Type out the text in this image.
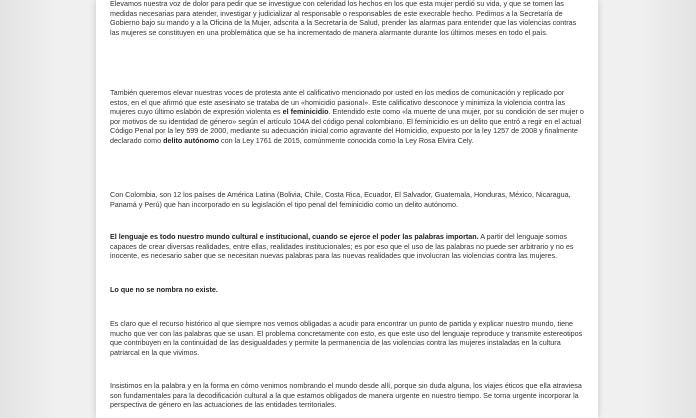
Elevamos nuestra voz de dolor para pedir que se investigue con celeridad los hechos en los que esta mujer perdió su vida, y que se tomen las medidas necesarias para atender, investigar y judicializar al responsable o responsables de este execrable hecho. Pedimos a la Secretaría de Gobierno bajo su mando y a la Oficina de la Mujer, adscrita a la Secretaría de Salud, prender las alarmas para entender que las violencias contras las mujeres se constituyen en una problemática que se ha incrementado de manera alarmante durante los últimos meses en todo el país.

También queremos elevar nuestras voces de protesta ante el calificativo mencionado por usted en los medios de comunicación y replicado por estos, en el que afirmó que este asesinato se trataba de un «homicidio pasional». Este calificativo desconoce y minimiza la violencia contra las mujeres cuyo último eslabón de expresión violenta es el feminicidio. Entendido este como «la muerte de una mujer, por su condición de ser mujer o por motivos de su identidad de género» según el artículo 104A del código penal colombiano. El feminicidio es un delito que entró a regir en el actual Código Penal por la ley 599 de 2000, mediante su adecuación inicial como agravante del Homicidio, expuesto por la ley 1257 de 2008 y finalmente declarado como delito autónomo con la Ley 1761 de 2015, comúnmente conocida como la Ley Rosa Elvira Cely.

Con Colombia, son 12 los países de América Latina (Bolivia, Chile, Costa Rica, Ecuador, El Salvador, Guatemala, Honduras, México, Nicaragua, Panamá y Perú) que han incorporado en su legislación el tipo penal del feminicidio como un delito autónomo.

El lenguaje es todo nuestro mundo cultural e institucional, cuando se ejerce el poder las palabras importan. A partir del lenguaje somos capaces de crear diversas realidades, entre ellas, realidades institucionales; es por eso que el uso de las palabras no puede ser arbitrario y no es inocente, es necesario saber que se necesitan nuevas palabras para las nuevas realidades que involucran las violencias contra las mujeres.

Lo que no se nombra no existe.

Es claro que el recurso histórico al que siempre nos vemos obligadas a acudir para encontrar un punto de partida y explicar nuestro mundo, tiene mucho que ver con las palabras que se usan. El problema concretamente con esto, es que este uso del lenguaje reproduce y transmite estereotipos que contribuyen en la continuidad de las desigualdades y permite la permanencia de las violencias contra las mujeres instaladas en la cultura patriarcal en la que vivimos.

Insistimos en la palabra y en la forma en cómo venimos nombrando el mundo desde allí, porque sin duda alguna, los viajes éticos que ella atraviesa son fundamentales para la decodificación cultural a la que estamos obligados de manera urgente en nuestro tiempo. Se torna urgente incorporar la perspectiva de género en las actuaciones de las entidades territoriales.
